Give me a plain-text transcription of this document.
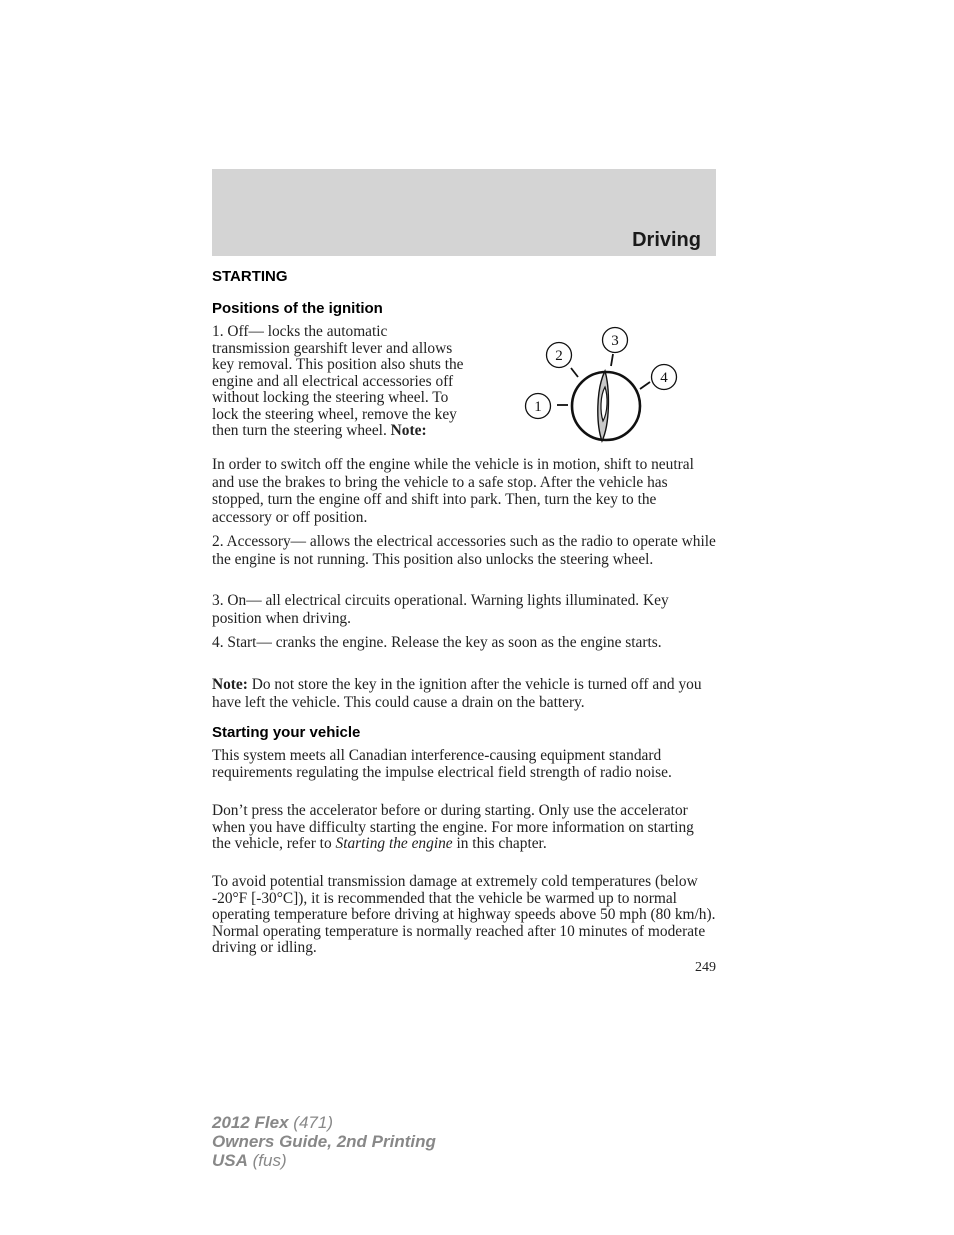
Driving
STARTING
Positions of the ignition
1. Off— locks the automatic transmission gearshift lever and allows key removal. This position also shuts the engine and all electrical accessories off without locking the steering wheel. To lock the steering wheel, remove the key then turn the steering wheel. Note:
In order to switch off the engine while the vehicle is in motion, shift to neutral and use the brakes to bring the vehicle to a safe stop. After the vehicle has stopped, turn the engine off and shift into park. Then, turn the key to the accessory or off position.
2. Accessory— allows the electrical accessories such as the radio to operate while the engine is not running. This position also unlocks the steering wheel.
3. On— all electrical circuits operational. Warning lights illuminated. Key position when driving.
4. Start— cranks the engine. Release the key as soon as the engine starts.
Note: Do not store the key in the ignition after the vehicle is turned off and you have left the vehicle. This could cause a drain on the battery.
1
2
3
4
Starting your vehicle
This system meets all Canadian interference-causing equipment standard requirements regulating the impulse electrical field strength of radio noise.
Don’t press the accelerator before or during starting. Only use the accelerator when you have difficulty starting the engine. For more information on starting the vehicle, refer to Starting the engine in this chapter.
To avoid potential transmission damage at extremely cold temperatures (below -20°F [-30°C]), it is recommended that the vehicle be warmed up to normal operating temperature before driving at highway speeds above 50 mph (80 km/h). Normal operating temperature is normally reached after 10 minutes of moderate driving or idling.
249
2012 Flex (471)
Owners Guide, 2nd Printing
USA (fus)
